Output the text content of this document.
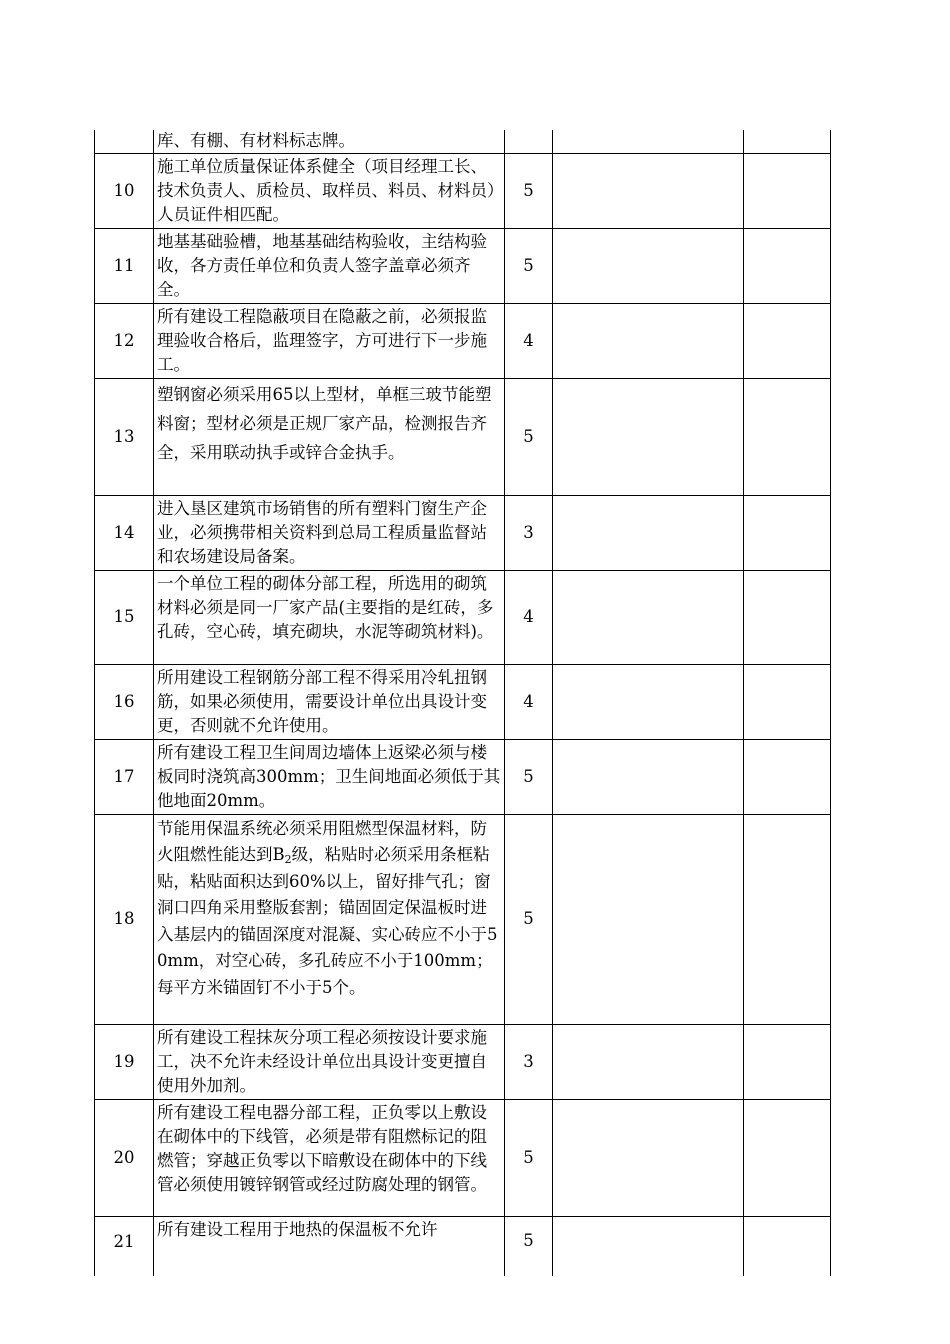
	库、有棚、有材料标志牌。			
10	施工单位质量保证体系健全（项目经理工长、技术负责人、质检员、取样员、料员、材料员）人员证件相匹配。	5		
11	地基基础验槽，地基基础结构验收，主结构验收，各方责任单位和负责人签字盖章必须齐全。	5		
12	所有建设工程隐蔽项目在隐蔽之前，必须报监理验收合格后，监理签字，方可进行下一步施工。	4		
13	塑钢窗必须采用65以上型材，单框三玻节能塑料窗；型材必须是正规厂家产品，检测报告齐全，采用联动执手或锌合金执手。	5		
14	进入垦区建筑市场销售的所有塑料门窗生产企业，必须携带相关资料到总局工程质量监督站和农场建设局备案。	3		
15	一个单位工程的砌体分部工程，所选用的砌筑材料必须是同一厂家产品(主要指的是红砖，多孔砖，空心砖，填充砌块，水泥等砌筑材料)。	4		
16	所用建设工程钢筋分部工程不得采用冷轧扭钢筋，如果必须使用，需要设计单位出具设计变更，否则就不允许使用。	4		
17	所有建设工程卫生间周边墙体上返梁必须与楼板同时浇筑高300mm；卫生间地面必须低于其他地面20mm。	5		
18	节能用保温系统必须采用阻燃型保温材料，防火阻燃性能达到$B_2$级，粘贴时必须采用条框粘贴，粘贴面积达到60%以上，留好排气孔；窗洞口四角采用整版套割；锚固固定保温板时进入基层内的锚固深度对混凝、实心砖应不小于50mm，对空心砖，多孔砖应不小于100mm；每平方米锚固钉不小于5个。	5		
19	所有建设工程抹灰分项工程必须按设计要求施工，决不允许未经设计单位出具设计变更擅自使用外加剂。	3		
20	所有建设工程电器分部工程，正负零以上敷设在砌体中的下线管，必须是带有阻燃标记的阻燃管；穿越正负零以下暗敷设在砌体中的下线管必须使用镀锌钢管或经过防腐处理的钢管。	5		
21	所有建设工程用于地热的保温板不允许	5		
